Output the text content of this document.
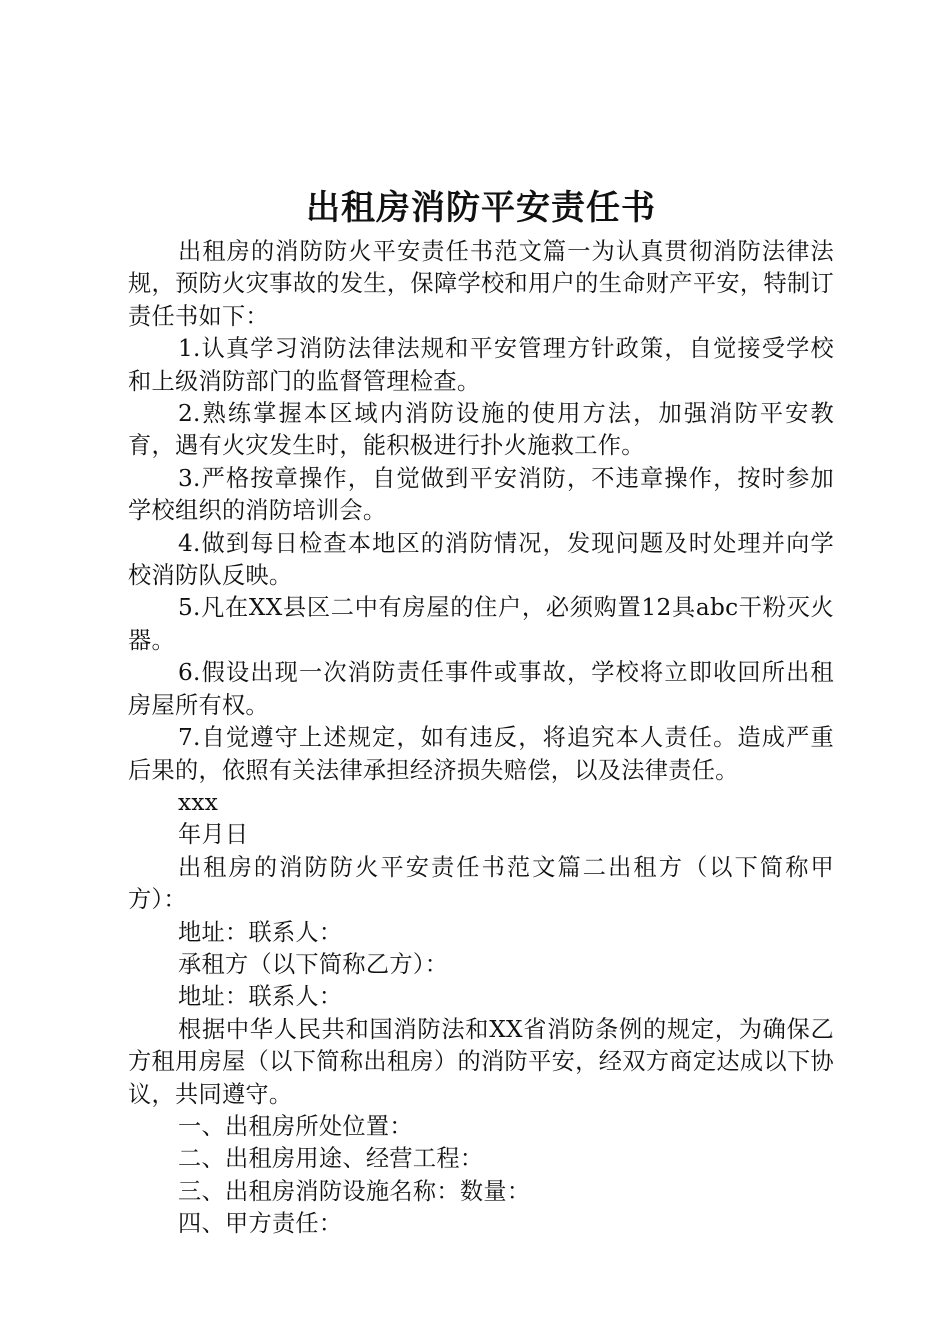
出租房消防平安责任书

出租房的消防防火平安责任书范文篇一为认真贯彻消防法律法规，预防火灾事故的发生，保障学校和用户的生命财产平安，特制订责任书如下：

1.认真学习消防法律法规和平安管理方针政策，自觉接受学校和上级消防部门的监督管理检查。

2.熟练掌握本区域内消防设施的使用方法，加强消防平安教育，遇有火灾发生时，能积极进行扑火施救工作。

3.严格按章操作，自觉做到平安消防，不违章操作，按时参加学校组织的消防培训会。

4.做到每日检查本地区的消防情况，发现问题及时处理并向学校消防队反映。

5.凡在XX县区二中有房屋的住户，必须购置12具abc干粉灭火器。

6.假设出现一次消防责任事件或事故，学校将立即收回所出租房屋所有权。

7.自觉遵守上述规定，如有违反，将追究本人责任。造成严重后果的，依照有关法律承担经济损失赔偿，以及法律责任。

xxx

年月日

出租房的消防防火平安责任书范文篇二出租方（以下简称甲方）：

地址：联系人：

承租方（以下简称乙方）：

地址：联系人：

根据中华人民共和国消防法和XX省消防条例的规定，为确保乙方租用房屋（以下简称出租房）的消防平安，经双方商定达成以下协议，共同遵守。

一、出租房所处位置：

二、出租房用途、经营工程：

三、出租房消防设施名称：数量：

四、甲方责任：
